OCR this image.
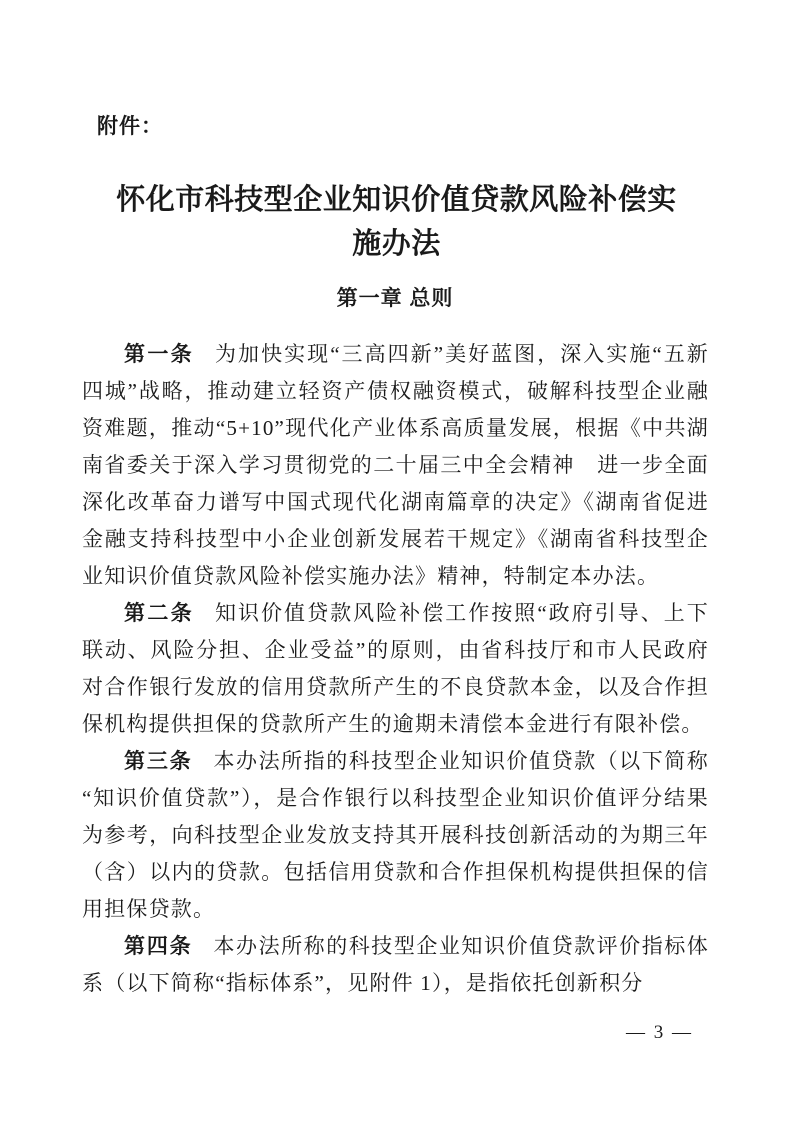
附件：
怀化市科技型企业知识价值贷款风险补偿实施办法
第一章 总则

第一条 为加快实现“三高四新”美好蓝图，深入实施“五新四城”战略，推动建立轻资产债权融资模式，破解科技型企业融资难题，推动“5+10”现代化产业体系高质量发展，根据《中共湖南省委关于深入学习贯彻党的二十届三中全会精神　进一步全面深化改革奋力谱写中国式现代化湖南篇章的决定》《湖南省促进金融支持科技型中小企业创新发展若干规定》《湖南省科技型企业知识价值贷款风险补偿实施办法》精神，特制定本办法。

第二条 知识价值贷款风险补偿工作按照“政府引导、上下联动、风险分担、企业受益”的原则，由省科技厅和市人民政府对合作银行发放的信用贷款所产生的不良贷款本金，以及合作担保机构提供担保的贷款所产生的逾期未清偿本金进行有限补偿。

第三条 本办法所指的科技型企业知识价值贷款（以下简称“知识价值贷款”），是合作银行以科技型企业知识价值评分结果为参考，向科技型企业发放支持其开展科技创新活动的为期三年（含）以内的贷款。包括信用贷款和合作担保机构提供担保的信用担保贷款。

第四条 本办法所称的科技型企业知识价值贷款评价指标体系（以下简称“指标体系”，见附件 1），是指依托创新积分

— 3 —
